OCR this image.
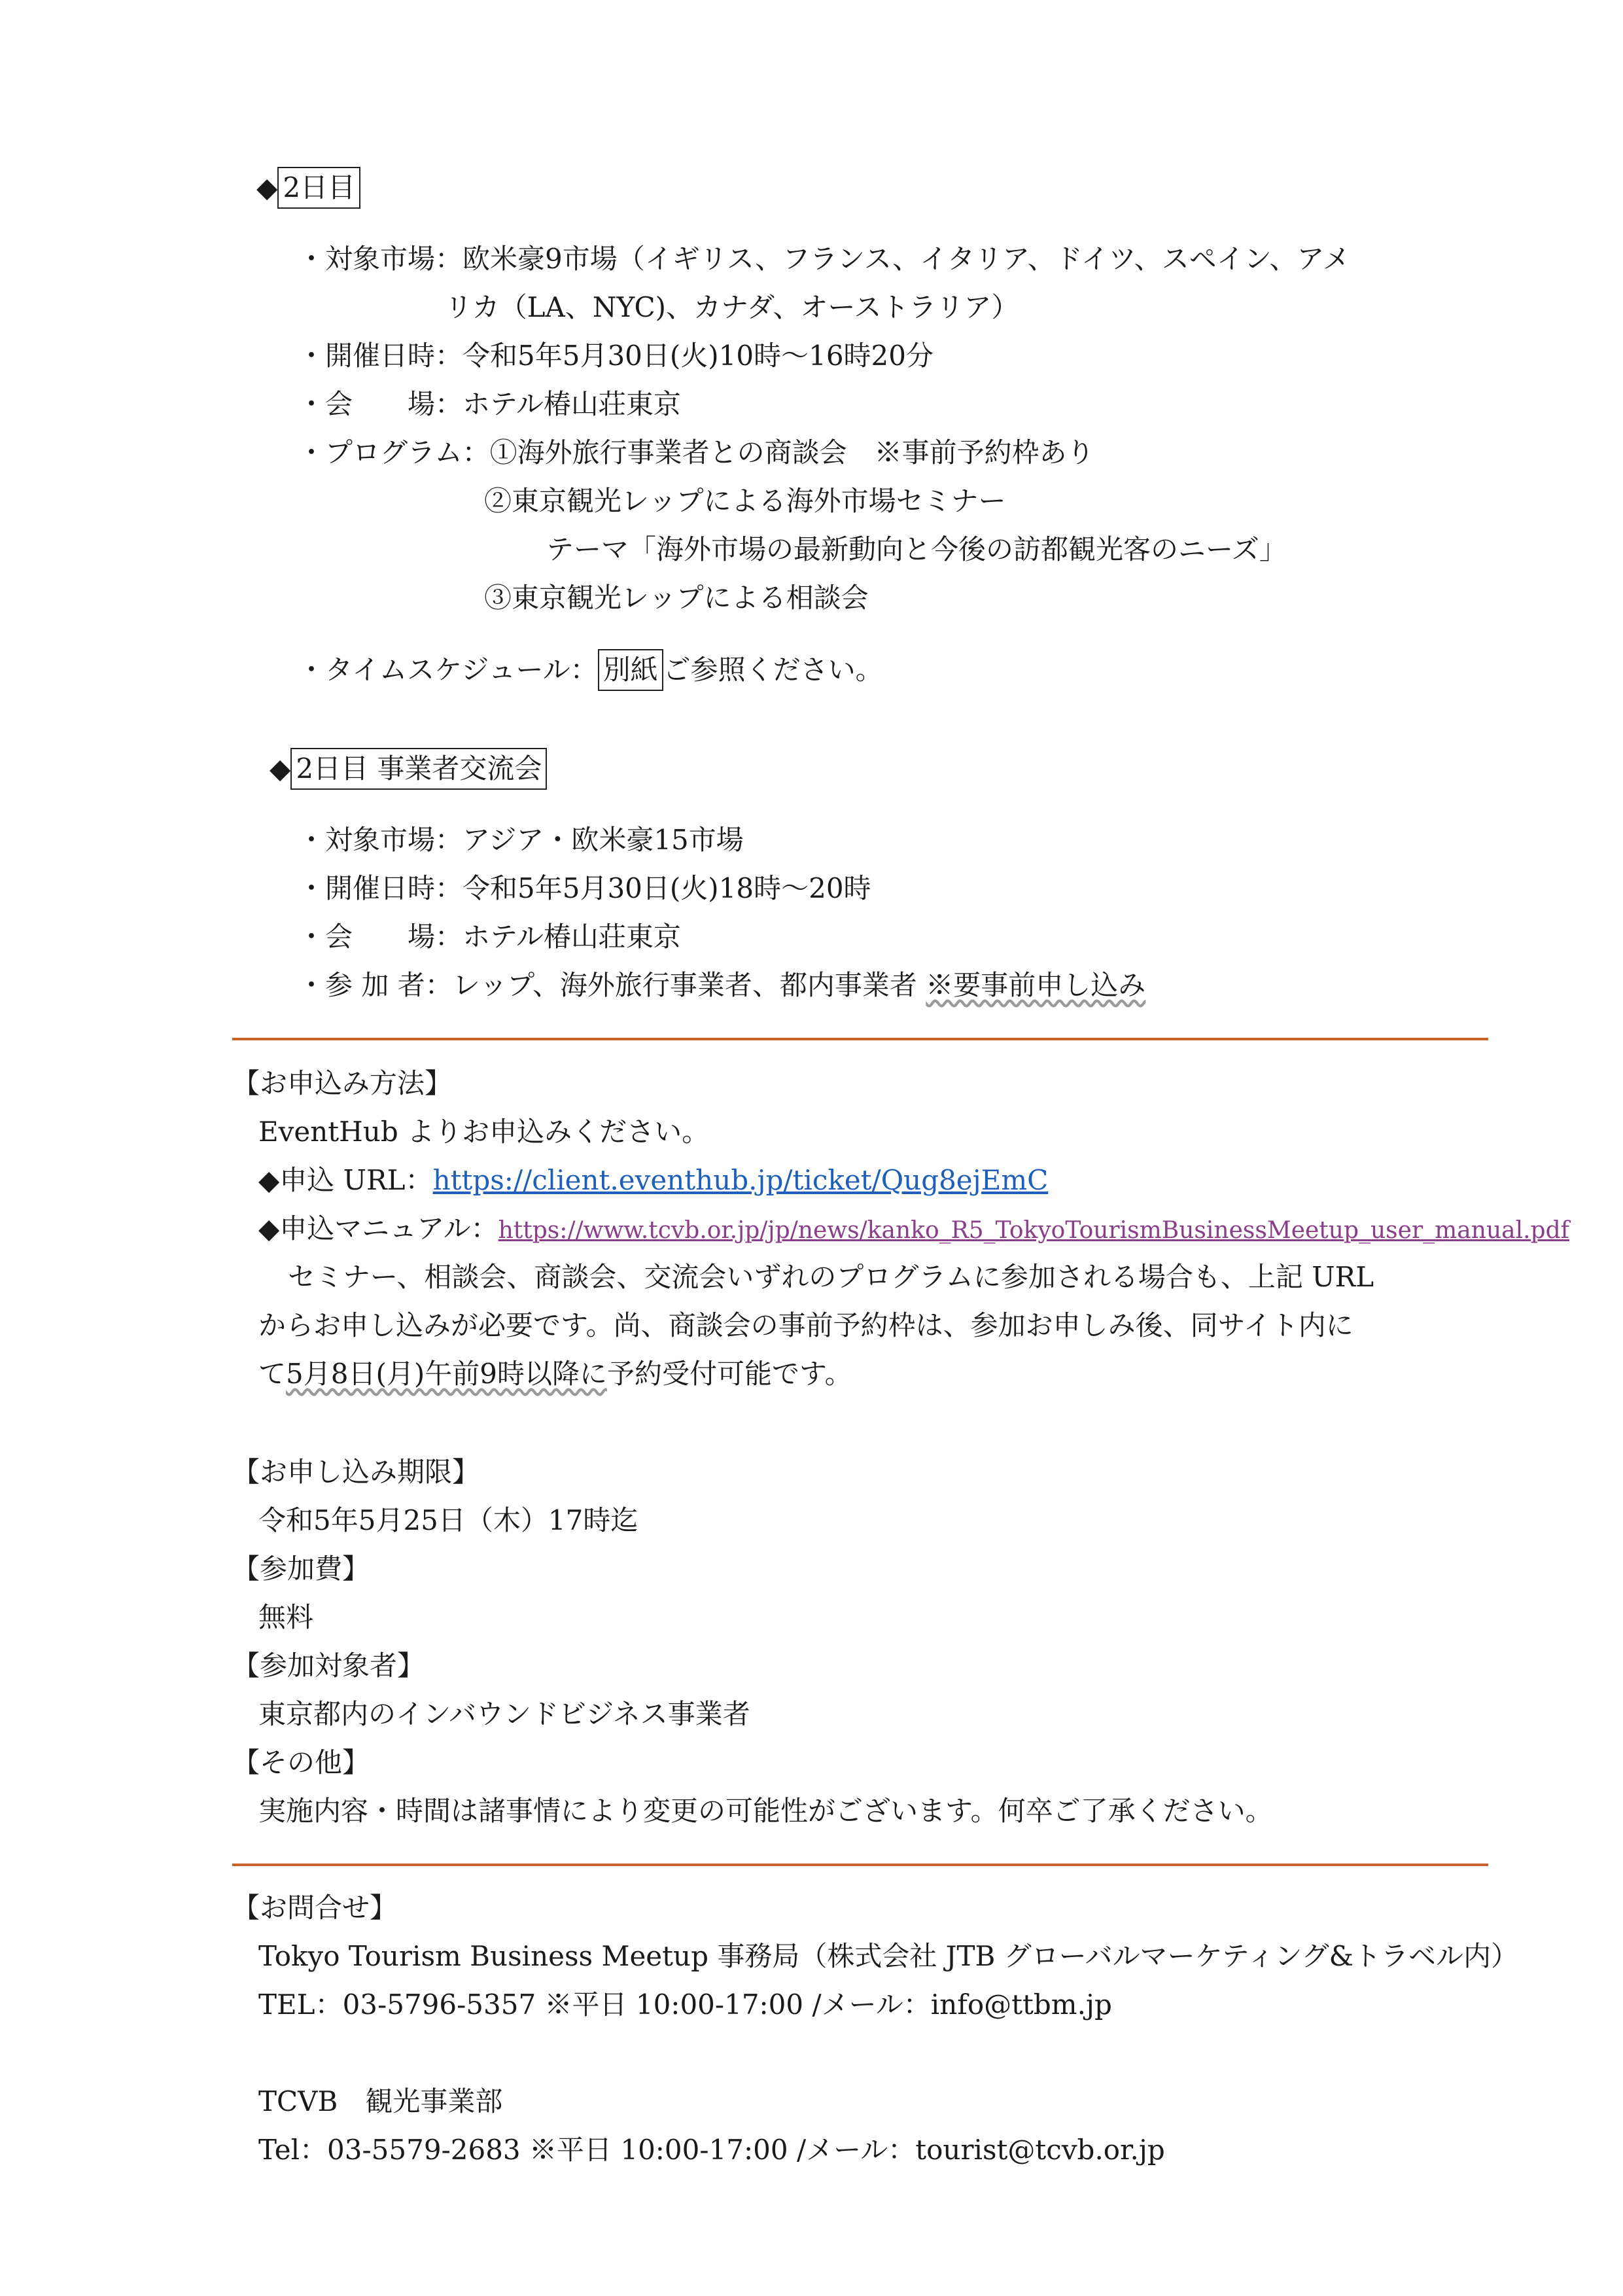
◆ 2日目
・対象市場：欧米豪9市場（イギリス、フランス、イタリア、ドイツ、スペイン、アメ
リカ（LA、NYC)、カナダ、オーストラリア）
・開催日時：令和5年5月30日(火)10時～16時20分
・会　　場：ホテル椿山荘東京
・プログラム：①海外旅行事業者との商談会　※事前予約枠あり
②東京観光レップによる海外市場セミナー
テーマ「海外市場の最新動向と今後の訪都観光客のニーズ」
③東京観光レップによる相談会
・タイムスケジュール： 別紙 ご参照ください。
◆ 2日目 事業者交流会
・対象市場：アジア・欧米豪15市場
・開催日時：令和5年5月30日(火)18時～20時
・会　　場：ホテル椿山荘東京
・参 加 者：レップ、海外旅行事業者、都内事業者 ※要事前申し込み
【お申込み方法】
EventHub よりお申込みください。
◆申込 URL：https://client.eventhub.jp/ticket/Qug8ejEmC
◆申込マニュアル：https://www.tcvb.or.jp/jp/news/kanko_R5_TokyoTourismBusinessMeetup_user_manual.pdf
セミナー、相談会、商談会、交流会いずれのプログラムに参加される場合も、上記 URL
からお申し込みが必要です。尚、商談会の事前予約枠は、参加お申しみ後、同サイト内に
て5月8日(月)午前9時以降に予約受付可能です。
【お申し込み期限】
令和5年5月25日（木）17時迄
【参加費】
無料
【参加対象者】
東京都内のインバウンドビジネス事業者
【その他】
実施内容・時間は諸事情により変更の可能性がございます。何卒ご了承ください。
【お問合せ】
Tokyo Tourism Business Meetup 事務局（株式会社 JTB グローバルマーケティング&トラベル内）
TEL：03-5796-5357 ※平日 10:00-17:00 /メール：info@ttbm.jp
TCVB　観光事業部
Tel：03-5579-2683 ※平日 10:00-17:00 /メール：tourist@tcvb.or.jp
